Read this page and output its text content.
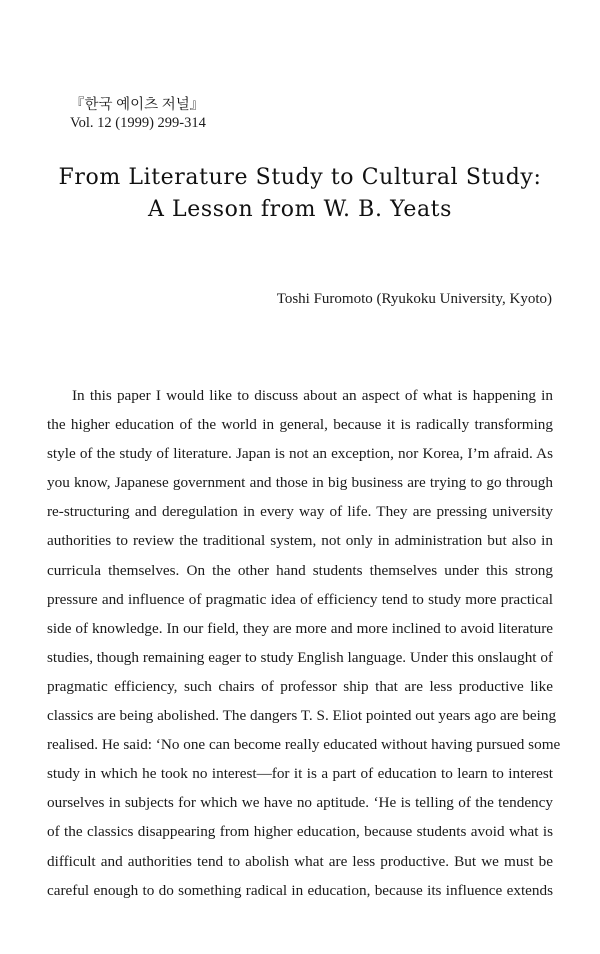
『한국 예이츠 저널』
Vol. 12 (1999) 299-314
From Literature Study to Cultural Study:
A Lesson from W. B. Yeats
Toshi Furomoto (Ryukoku University, Kyoto)
In this paper I would like to discuss about an aspect of what is happening in
the higher education of the world in general, because it is radically transforming
style of the study of literature. Japan is not an exception, nor Korea, I’m afraid. As
you know, Japanese government and those in big business are trying to go through
re-structuring and deregulation in every way of life. They are pressing university
authorities to review the traditional system, not only in administration but also in
curricula themselves. On the other hand students themselves under this strong
pressure and influence of pragmatic idea of efficiency tend to study more practical
side of knowledge. In our field, they are more and more inclined to avoid literature
studies, though remaining eager to study English language. Under this onslaught of
pragmatic efficiency, such chairs of professor ship that are less productive like
classics are being abolished. The dangers T. S. Eliot pointed out years ago are being
realised. He said: ‘No one can become really educated without having pursued some
study in which he took no interest—for it is a part of education to learn to interest
ourselves in subjects for which we have no aptitude. ‘He is telling of the tendency
of the classics disappearing from higher education, because students avoid what is
difficult and authorities tend to abolish what are less productive. But we must be
careful enough to do something radical in education, because its influence extends
